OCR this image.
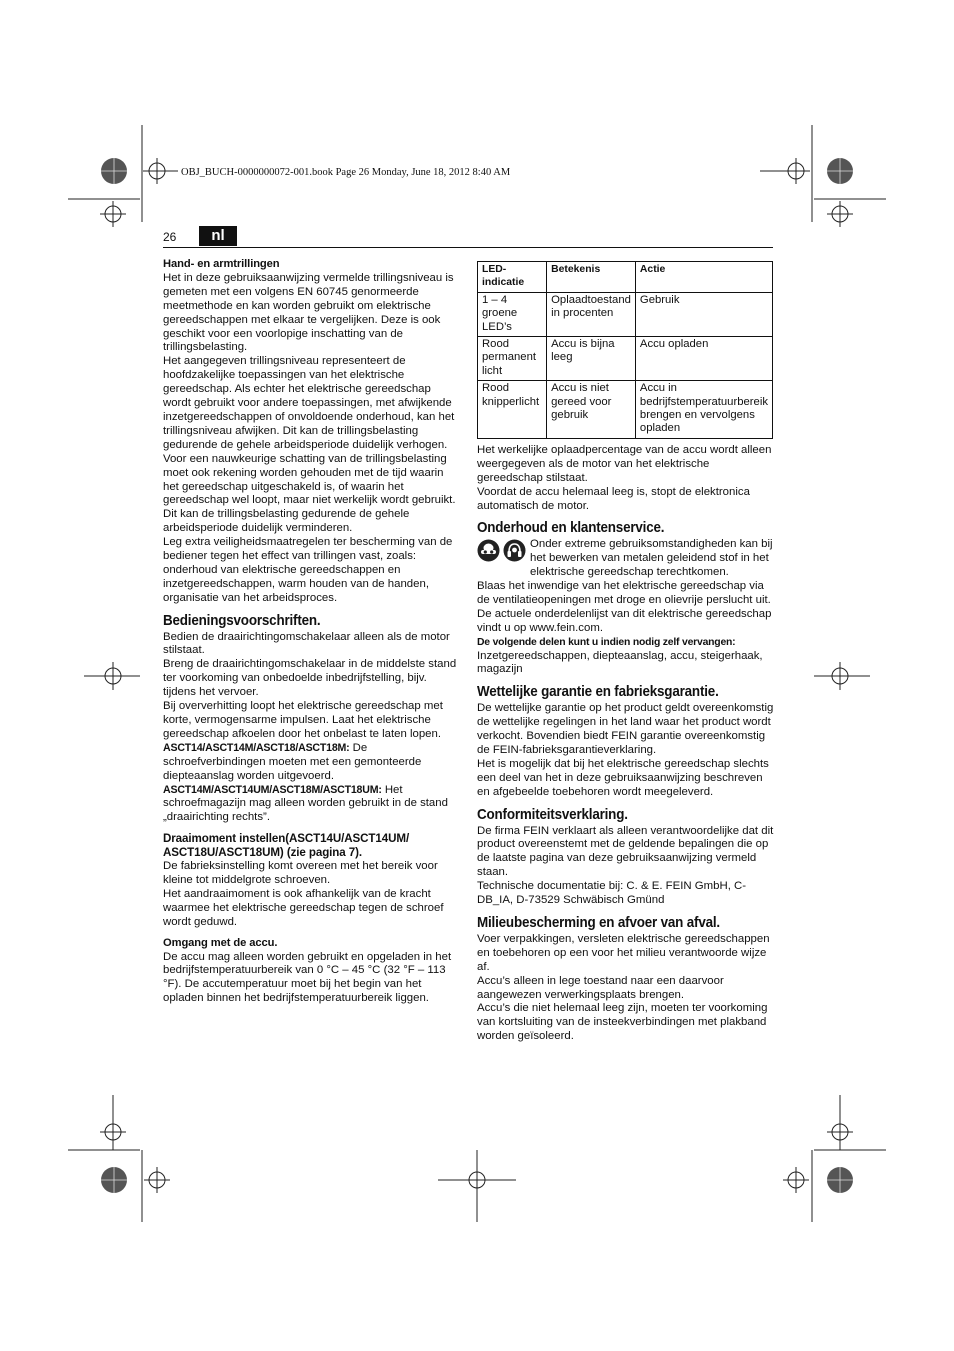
OBJ_BUCH-0000000072-001.book Page 26 Monday, June 18, 2012 8:40 AM
26	nl

Hand- en armtrillingen

Het in deze gebruiksaanwijzing vermelde trillingsniveau is gemeten met een volgens EN 60745 genormeerde meetmethode en kan worden gebruikt om elektrische gereedschappen met elkaar te vergelijken. Deze is ook geschikt voor een voorlopige inschatting van de trillingsbelasting.

Het aangegeven trillingsniveau representeert de hoofdzakelijke toepassingen van het elektrische gereedschap. Als echter het elektrische gereedschap wordt gebruikt voor andere toepassingen, met afwijkende inzetgereedschappen of onvoldoende onderhoud, kan het trillingsniveau afwijken. Dit kan de trillingsbelasting gedurende de gehele arbeidsperiode duidelijk verhogen.

Voor een nauwkeurige schatting van de trillingsbelasting moet ook rekening worden gehouden met de tijd waarin het gereedschap uitgeschakeld is, of waarin het gereedschap wel loopt, maar niet werkelijk wordt gebruikt. Dit kan de trillingsbelasting gedurende de gehele arbeidsperiode duidelijk verminderen.

Leg extra veiligheidsmaatregelen ter bescherming van de bediener tegen het effect van trillingen vast, zoals: onderhoud van elektrische gereedschappen en inzetgereedschappen, warm houden van de handen, organisatie van het arbeidsproces.

Bedieningsvoorschriften.

Bedien de draairichtingomschakelaar alleen als de motor stilstaat.

Breng de draairichtingomschakelaar in de middelste stand ter voorkoming van onbedoelde inbedrijfstelling, bijv. tijdens het vervoer.

Bij oververhitting loopt het elektrische gereedschap met korte, vermogensarme impulsen. Laat het elektrische gereedschap afkoelen door het onbelast te laten lopen.

ASCT14/ASCT14M/ASCT18/ASCT18M: De schroefverbindingen moeten met een gemonteerde diepteaanslag worden uitgevoerd.

ASCT14M/ASCT14UM/ASCT18M/ASCT18UM: Het schroefmagazijn mag alleen worden gebruikt in de stand „draairichting rechts”.

Draaimoment instellen(ASCT14U/ASCT14UM/ ASCT18U/ASCT18UM) (zie pagina 7).

De fabrieksinstelling komt overeen met het bereik voor kleine tot middelgrote schroeven.

Het aandraaimoment is ook afhankelijk van de kracht waarmee het elektrische gereedschap tegen de schroef wordt geduwd.

Omgang met de accu.

De accu mag alleen worden gebruikt en opgeladen in het bedrijfstemperatuurbereik van 0 °C – 45 °C (32 °F – 113 °F). De accutemperatuur moet bij het begin van het opladen binnen het bedrijfstemperatuurbereik liggen.

LED-indicatie	Betekenis	Actie
1 – 4 groene LED’s	Oplaadtoestand in procenten	Gebruik
Rood permanent licht	Accu is bijna leeg	Accu opladen
Rood knipperlicht	Accu is niet gereed voor gebruik	Accu in bedrijfstemperatuurbereik brengen en vervolgens opladen

Het werkelijke oplaadpercentage van de accu wordt alleen weergegeven als de motor van het elektrische gereedschap stilstaat.

Voordat de accu helemaal leeg is, stopt de elektronica automatisch de motor.

Onderhoud en klantenservice.

Onder extreme gebruiksomstandigheden kan bij het bewerken van metalen geleidend stof in het elektrische gereedschap terechtkomen.

Blaas het inwendige van het elektrische gereedschap via de ventilatieopeningen met droge en olievrije perslucht uit.

De actuele onderdelenlijst van dit elektrische gereedschap vindt u op www.fein.com.

De volgende delen kunt u indien nodig zelf vervangen:

Inzetgereedschappen, diepteaanslag, accu, steigerhaak, magazijn

Wettelijke garantie en fabrieksgarantie.

De wettelijke garantie op het product geldt overeenkomstig de wettelijke regelingen in het land waar het product wordt verkocht. Bovendien biedt FEIN garantie overeenkomstig de FEIN-fabrieksgarantieverklaring.

Het is mogelijk dat bij het elektrische gereedschap slechts een deel van het in deze gebruiksaanwijzing beschreven en afgebeelde toebehoren wordt meegeleverd.

Conformiteitsverklaring.

De firma FEIN verklaart als alleen verantwoordelijke dat dit product overeenstemt met de geldende bepalingen die op de laatste pagina van deze gebruiksaanwijzing vermeld staan.

Technische documentatie bij: C. & E. FEIN GmbH, C-DB_IA, D-73529 Schwäbisch Gmünd

Milieubescherming en afvoer van afval.

Voer verpakkingen, versleten elektrische gereedschappen en toebehoren op een voor het milieu verantwoorde wijze af.

Accu’s alleen in lege toestand naar een daarvoor aangewezen verwerkingsplaats brengen.

Accu’s die niet helemaal leeg zijn, moeten ter voorkoming van kortsluiting van de insteekverbindingen met plakband worden geïsoleerd.
